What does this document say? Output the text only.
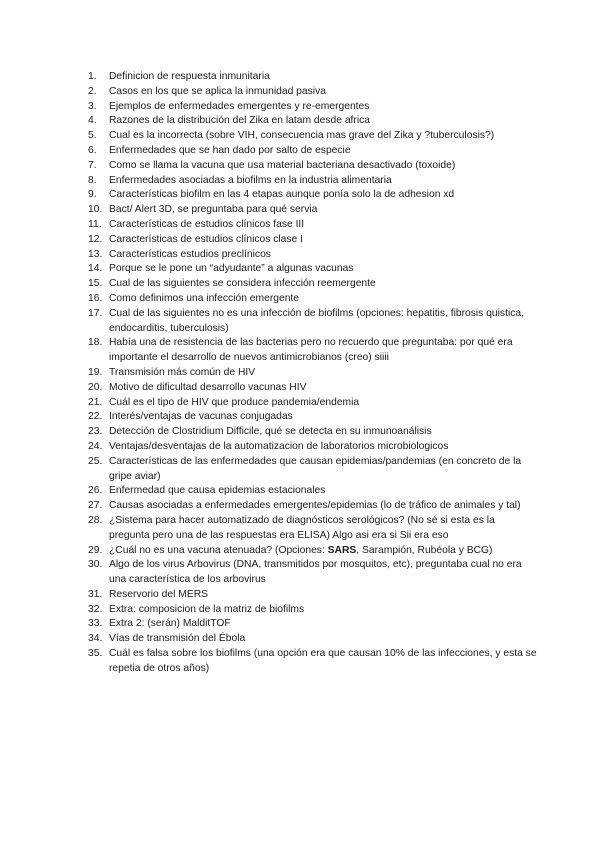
1.	Definicion de respuesta inmunitaria
2.	Casos en los que se aplica la inmunidad pasiva
3.	Ejemplos de enfermedades emergentes y re-emergentes
4.	Razones de la distribución del Zika en latam desde africa
5.	Cual es la incorrecta (sobre VIH, consecuencia mas grave del Zika y ?tuberculosis?)
6.	Enfermedades que se han dado por salto de especie
7.	Como se llama la vacuna que usa material bacteriana desactivado (toxoide)
8.	Enfermedades asociadas a biofilms en la industria alimentaria
9.	Características biofilm en las 4 etapas aunque ponía solo la de adhesion xd
10. Bact/ Alert 3D, se preguntaba para qué servia
11. Características de estudios clínicos fase III
12. Características de estudios clínicos clase I
13. Características estudios preclínicos
14. Porque se le pone un “adyudante” a algunas vacunas
15. Cual de las siguientes se considera infección reemergente
16. Como definimos una infección emergente
17. Cual de las siguientes no es una infección de biofilms (opciones: hepatitis, fibrosis quistica, endocarditis, tuberculosis)
18. Había una de resistencia de las bacterias pero no recuerdo que preguntaba: por qué era importante el desarrollo de nuevos antimicrobianos (creo) siiii
19. Transmisión más común de HIV
20. Motivo de dificultad desarrollo vacunas HIV
21. Cuál es el tipo de HIV que produce pandemia/endemia
22. Interés/ventajas de vacunas conjugadas
23. Detección de Clostridium Difficile, qué se detecta en su inmunoanálisis
24. Ventajas/desventajas de la automatizacion de laboratorios microbiologicos
25. Características de las enfermedades que causan epidemias/pandemias (en concreto de la gripe aviar)
26. Enfermedad que causa epidemias estacionales
27. Causas asociadas a enfermedades emergentes/epidemias (lo de tráfico de animales y tal)
28. ¿Sistema para hacer automatizado de diagnósticos serológicos? (No sé si esta es la pregunta pero una de las respuestas era ELISA) Algo asi era si Sii era eso
29. ¿Cuál no es una vacuna atenuada? (Opciones: SARS, Sarampión, Rubéola y BCG)
30. Algo de los virus Arbovirus (DNA, transmitidos por mosquitos, etc), preguntaba cual no era una característica de los arbovirus
31. Reservorio del MERS
32. Extra: composicion de la matriz de biofilms
33. Extra 2: (serán) MalditTOF
34. Vías de transmisión del Ébola
35. Cuál es falsa sobre los biofilms (una opción era que causan 10% de las infecciones, y esta se repetia de otros años)
